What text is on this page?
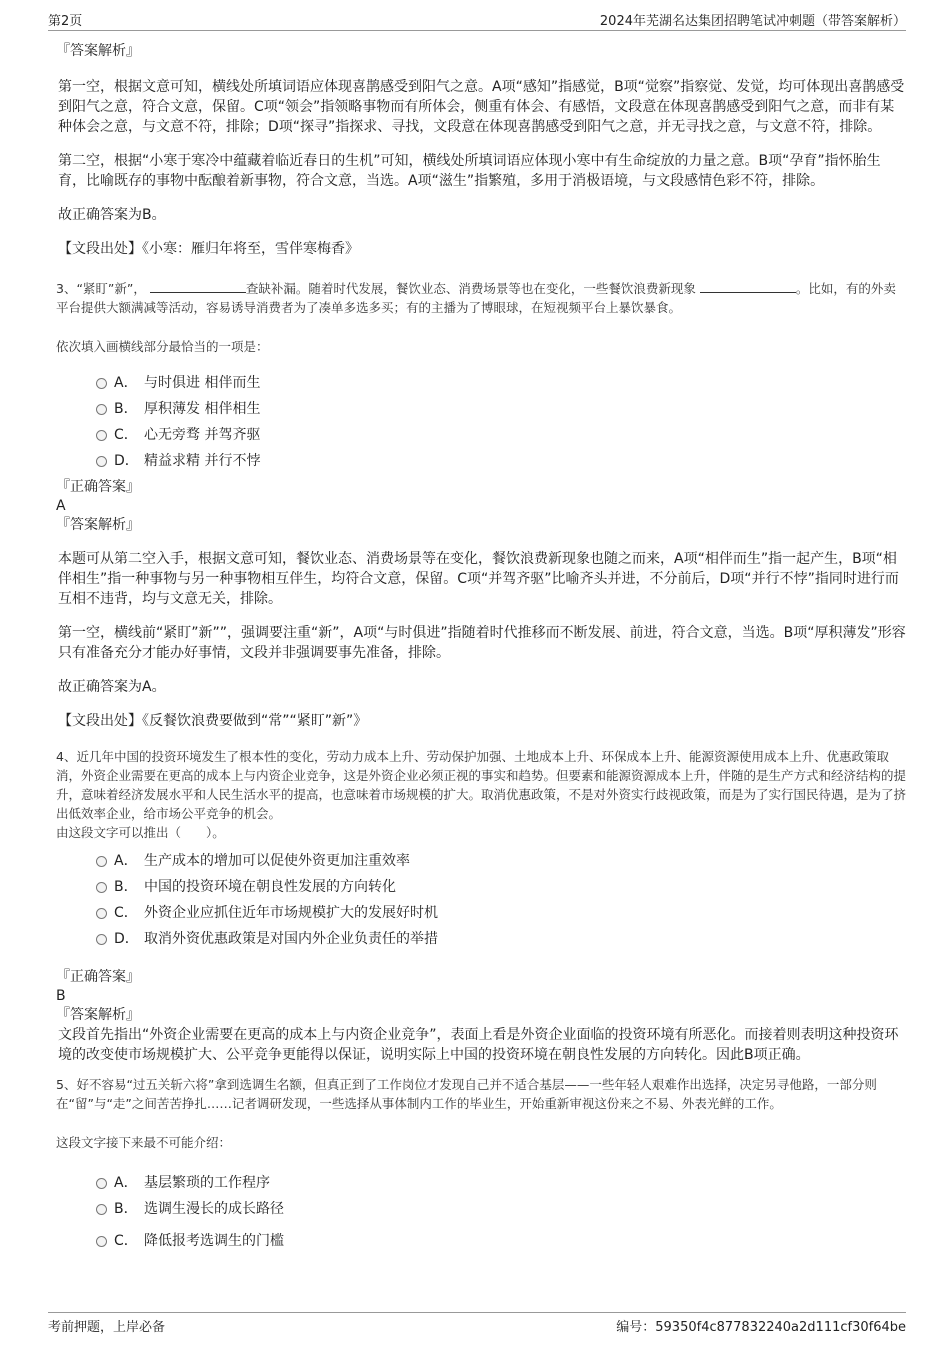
第2页	2024年芜湖名达集团招聘笔试冲刺题（带答案解析）

『答案解析』

第一空，根据文意可知，横线处所填词语应体现喜鹊感受到阳气之意。A项“感知”指感觉，B项“觉察”指察觉、发觉，均可体现出喜鹊感受到阳气之意，符合文意，保留。C项“领会”指领略事物而有所体会，侧重有体会、有感悟，文段意在体现喜鹊感受到阳气之意，而非有某种体会之意，与文意不符，排除；D项“探寻”指探求、寻找，文段意在体现喜鹊感受到阳气之意，并无寻找之意，与文意不符，排除。

第二空，根据“小寒于寒冷中蕴藏着临近春日的生机”可知，横线处所填词语应体现小寒中有生命绽放的力量之意。B项“孕育”指怀胎生育，比喻既存的事物中酝酿着新事物，符合文意，当选。A项“滋生”指繁殖，多用于消极语境，与文段感情色彩不符，排除。

故正确答案为B。

【文段出处】《小寒：雁归年将至，雪伴寒梅香》

3、“紧盯”新”，	查缺补漏。随着时代发展，餐饮业态、消费场景等也在变化，一些餐饮浪费新现象	。比如，有的外卖平台提供大额满减等活动，容易诱导消费者为了凑单多选多买；有的主播为了博眼球，在短视频平台上暴饮暴食。

依次填入画横线部分最恰当的一项是：

A． 与时俱进 相伴而生
B． 厚积薄发 相伴相生
C． 心无旁骛 并驾齐驱
D． 精益求精 并行不悖

『正确答案』

A

『答案解析』

本题可从第二空入手，根据文意可知，餐饮业态、消费场景等在变化，餐饮浪费新现象也随之而来，A项“相伴而生”指一起产生，B项“相伴相生”指一种事物与另一种事物相互伴生，均符合文意，保留。C项“并驾齐驱”比喻齐头并进，不分前后，D项“并行不悖”指同时进行而互相不违背，均与文意无关，排除。

第一空，横线前“紧盯”新””，强调要注重“新”，A项“与时俱进”指随着时代推移而不断发展、前进，符合文意，当选。B项“厚积薄发”形容只有准备充分才能办好事情，文段并非强调要事先准备，排除。

故正确答案为A。

【文段出处】《反餐饮浪费要做到“常”“紧盯”新”》

4、近几年中国的投资环境发生了根本性的变化，劳动力成本上升、劳动保护加强、土地成本上升、环保成本上升、能源资源使用成本上升、优惠政策取消，外资企业需要在更高的成本上与内资企业竞争，这是外资企业必须正视的事实和趋势。但要素和能源资源成本上升，伴随的是生产方式和经济结构的提升，意味着经济发展水平和人民生活水平的提高，也意味着市场规模的扩大。取消优惠政策，不是对外资实行歧视政策，而是为了实行国民待遇，是为了挤出低效率企业，给市场公平竞争的机会。

由这段文字可以推出（　　）。

A． 生产成本的增加可以促使外资更加注重效率
B． 中国的投资环境在朝良性发展的方向转化
C． 外资企业应抓住近年市场规模扩大的发展好时机
D． 取消外资优惠政策是对国内外企业负责任的举措

『正确答案』

B

『答案解析』

文段首先指出“外资企业需要在更高的成本上与内资企业竞争”，表面上看是外资企业面临的投资环境有所恶化。而接着则表明这种投资环境的改变使市场规模扩大、公平竞争更能得以保证，说明实际上中国的投资环境在朝良性发展的方向转化。因此B项正确。

5、好不容易“过五关斩六将”拿到选调生名额，但真正到了工作岗位才发现自己并不适合基层——一些年轻人艰难作出选择，决定另寻他路，一部分则在“留”与“走”之间苦苦挣扎……记者调研发现，一些选择从事体制内工作的毕业生，开始重新审视这份来之不易、外表光鲜的工作。

这段文字接下来最不可能介绍：

A． 基层繁琐的工作程序
B． 选调生漫长的成长路径
C． 降低报考选调生的门槛
考前押题，上岸必备	编号：59350f4c877832240a2d111cf30f64be
